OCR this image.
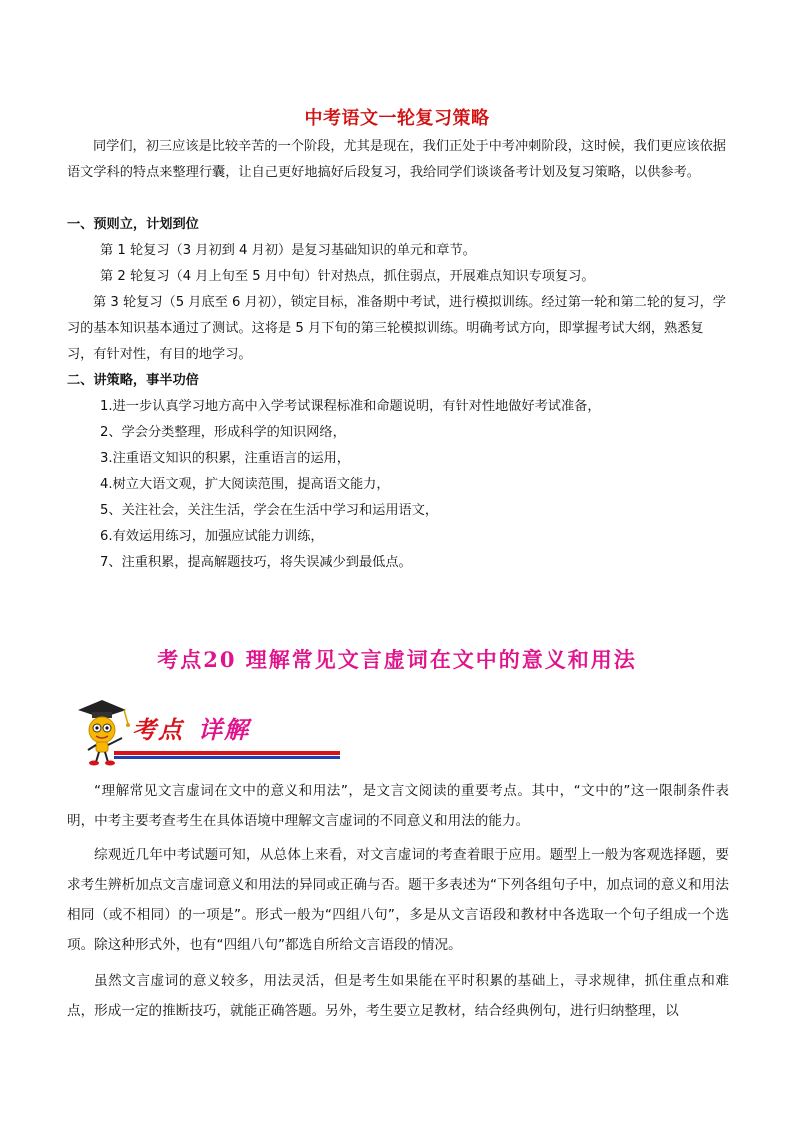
中考语文一轮复习策略
同学们，初三应该是比较辛苦的一个阶段，尤其是现在，我们正处于中考冲刺阶段，这时候，我们更应该依据语文学科的特点来整理行囊，让自己更好地搞好后段复习，我给同学们谈谈备考计划及复习策略，以供参考。
一、预则立，计划到位
第 1 轮复习（3 月初到 4 月初）是复习基础知识的单元和章节。
第 2 轮复习（4 月上旬至 5 月中旬）针对热点，抓住弱点，开展难点知识专项复习。
第 3 轮复习（5 月底至 6 月初），锁定目标，准备期中考试，进行模拟训练。经过第一轮和第二轮的复习，学习的基本知识基本通过了测试。这将是 5 月下旬的第三轮模拟训练。明确考试方向，即掌握考试大纲，熟悉复习，有针对性，有目的地学习。
二、讲策略，事半功倍
1.进一步认真学习地方高中入学考试课程标准和命题说明，有针对性地做好考试准备，
2、学会分类整理，形成科学的知识网络，
3.注重语文知识的积累，注重语言的运用，
4.树立大语文观，扩大阅读范围，提高语文能力，
5、关注社会，关注生活，学会在生活中学习和运用语文，
6.有效运用练习，加强应试能力训练，
7、注重积累，提高解题技巧，将失误减少到最低点。
考点20 理解常见文言虚词在文中的意义和用法
考点 详解
“理解常见文言虚词在文中的意义和用法”，是文言文阅读的重要考点。其中，“文中的”这一限制条件表明，中考主要考查考生在具体语境中理解文言虚词的不同意义和用法的能力。
综观近几年中考试题可知，从总体上来看，对文言虚词的考查着眼于应用。题型上一般为客观选择题，要求考生辨析加点文言虚词意义和用法的异同或正确与否。题干多表述为“下列各组句子中，加点词的意义和用法相同（或不相同）的一项是”。形式一般为“四组八句”，多是从文言语段和教材中各选取一个句子组成一个选项。除这种形式外，也有“四组八句”都选自所给文言语段的情况。
虽然文言虚词的意义较多，用法灵活，但是考生如果能在平时积累的基础上，寻求规律，抓住重点和难点，形成一定的推断技巧，就能正确答题。另外，考生要立足教材，结合经典例句，进行归纳整理，以
